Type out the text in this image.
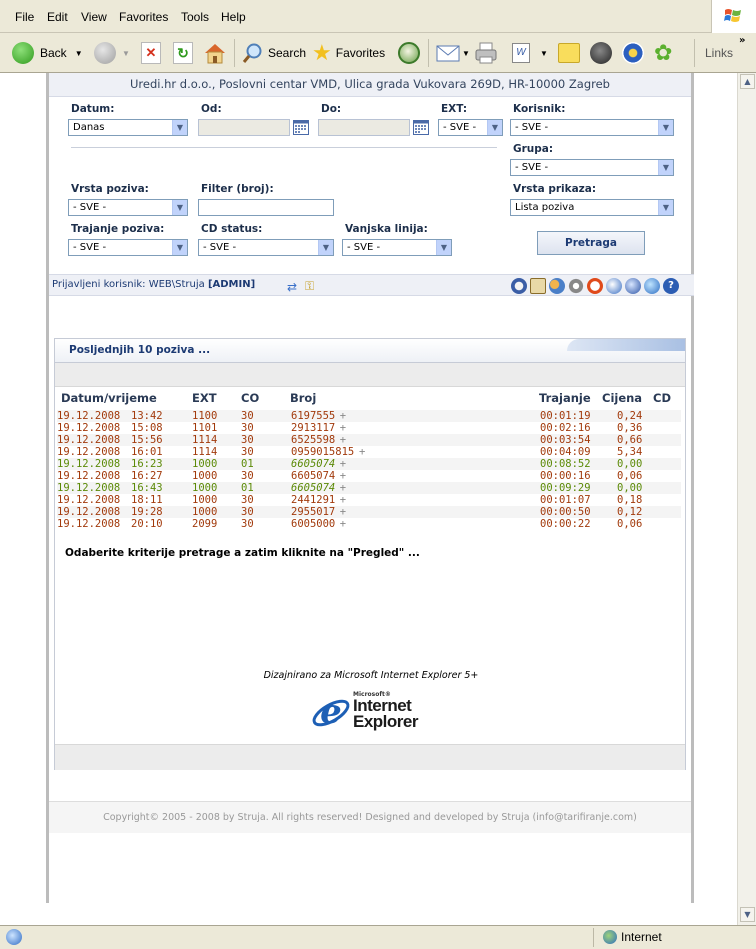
File Edit View Favorites Tools Help
Back ▼	▼	✕	↻	Search ★ Favorites	▼	W	▼	✿	Links
»
Uredi.hr d.o.o., Poslovni centar VMD, Ulica grada Vukovara 269D, HR-10000 Zagreb
Datum:
Danas	▼
Od:	Do:	EXT:
- SVE -	▼
Korisnik:
- SVE -	▼
Grupa:
- SVE -	▼
Vrsta poziva:
- SVE -	▼
Filter (broj):	Vrsta prikaza:
Lista poziva	▼
Trajanje poziva:
- SVE -	▼
CD status:
- SVE -	▼
Vanjska linija:
- SVE -	▼	Pretraga
Prijavljeni korisnik: WEB\Struja [ADMIN]	⇄ ⚿	?
Posljednjih 10 poziva ...
Datum/vrijeme	EXT CO	Broj	Trajanje Cijena CD
19.12.2008 13:42	1100 30	6197555 +	00:01:19	0,24
19.12.2008 15:08	1101 30	2913117 +	00:02:16	0,36
19.12.2008 15:56	1114 30	6525598 +	00:03:54	0,66
19.12.2008 16:01	1114 30	0959015815 +	00:04:09	5,34
19.12.2008 16:23	1000 01	6605074 +	00:08:52	0,00
19.12.2008 16:27	1000 30	6605074 +	00:00:16	0,06
19.12.2008 16:43	1000 01	6605074 +	00:09:29	0,00
19.12.2008 18:11	1000 30	2441291 +	00:01:07	0,18
19.12.2008 19:28	1000 30	2955017 +	00:00:50	0,12
19.12.2008 20:10	2099 30	6005000 +	00:00:22	0,06
Odaberite kriterije pretrage a zatim kliknite na "Pregled" ...
Dizajnirano za Microsoft Internet Explorer 5+
e Microsoft®
Internet
Explorer
Copyright© 2005 - 2008 by Struja. All rights reserved! Designed and developed by Struja (info@tarifiranje.com)
▲
▼
Internet
